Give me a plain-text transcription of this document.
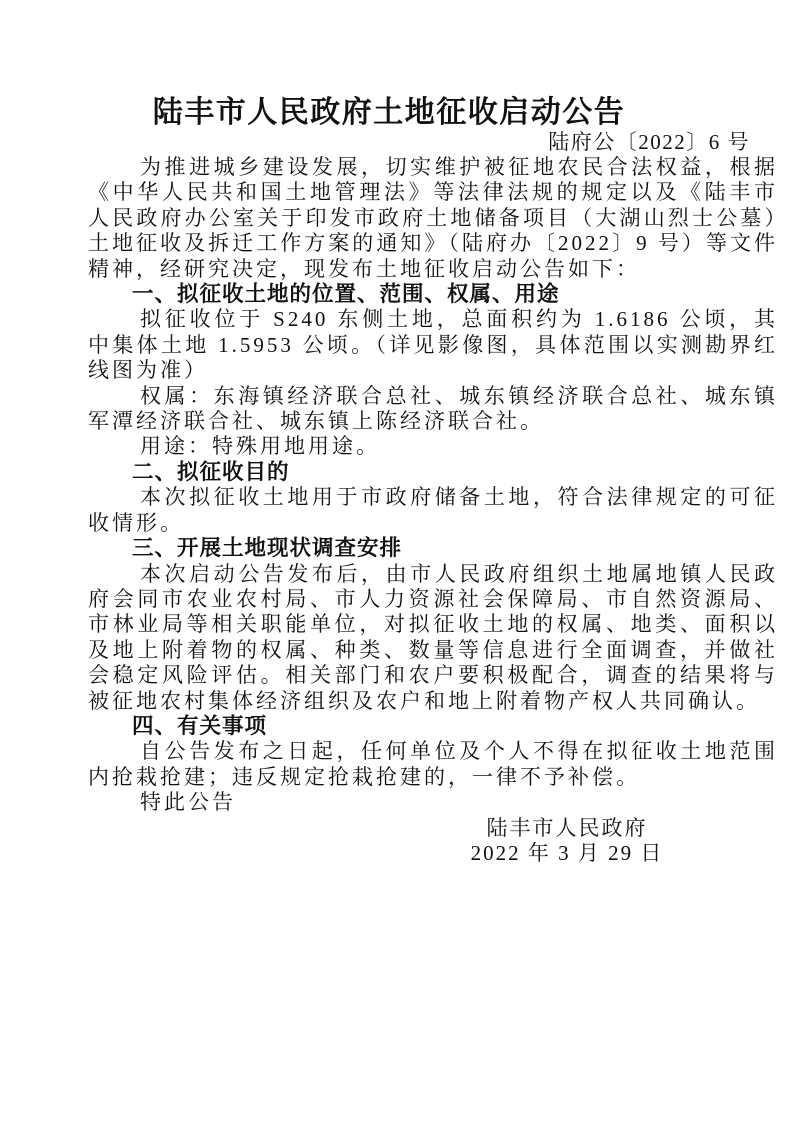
陆丰市人民政府土地征收启动公告
陆府公〔2022〕6 号

为推进城乡建设发展，切实维护被征地农民合法权益，根据《中华人民共和国土地管理法》等法律法规的规定以及《陆丰市人民政府办公室关于印发市政府土地储备项目（大湖山烈士公墓）土地征收及拆迁工作方案的通知》（陆府办〔2022〕9 号）等文件精神，经研究决定，现发布土地征收启动公告如下：

一、拟征收土地的位置、范围、权属、用途

拟征收位于 S240 东侧土地，总面积约为 1.6186 公顷，其中集体土地 1.5953 公顷。（详见影像图，具体范围以实测勘界红线图为准）

权属：东海镇经济联合总社、城东镇经济联合总社、城东镇军潭经济联合社、城东镇上陈经济联合社。

用途：特殊用地用途。

二、拟征收目的

本次拟征收土地用于市政府储备土地，符合法律规定的可征收情形。

三、开展土地现状调查安排

本次启动公告发布后，由市人民政府组织土地属地镇人民政府会同市农业农村局、市人力资源社会保障局、市自然资源局、市林业局等相关职能单位，对拟征收土地的权属、地类、面积以及地上附着物的权属、种类、数量等信息进行全面调查，并做社会稳定风险评估。相关部门和农户要积极配合，调查的结果将与被征地农村集体经济组织及农户和地上附着物产权人共同确认。

四、有关事项

自公告发布之日起，任何单位及个人不得在拟征收土地范围内抢栽抢建；违反规定抢栽抢建的，一律不予补偿。

特此公告

陆丰市人民政府
2022 年 3 月 29 日
